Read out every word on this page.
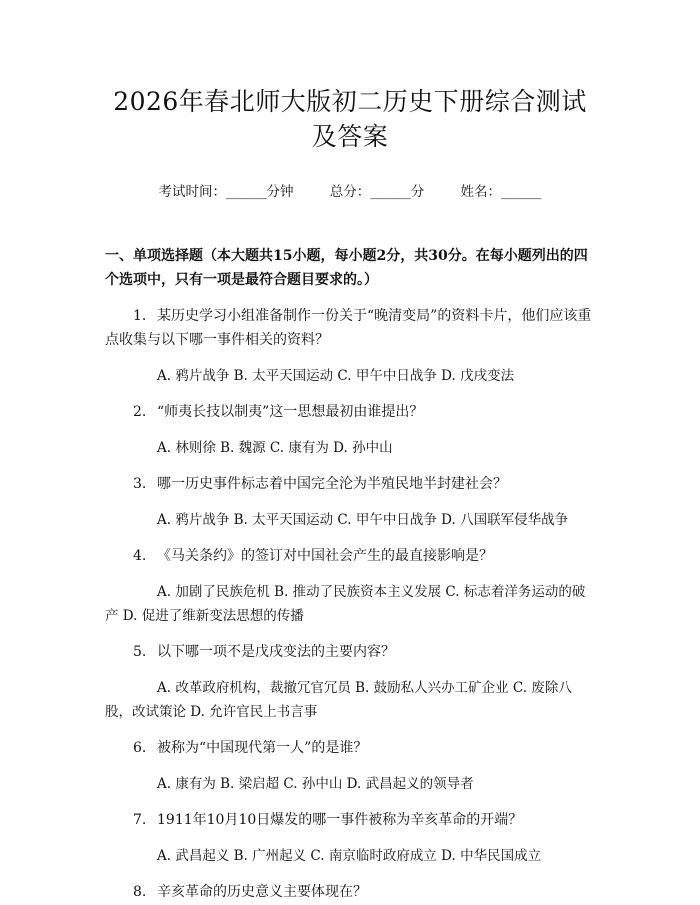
2026年春北师大版初二历史下册综合测试及答案
考试时间：______分钟	总分：______分	姓名：______
一、单项选择题（本大题共15小题，每小题2分，共30分。在每小题列出的四个选项中，只有一项是最符合题目要求的。）
1. 某历史学习小组准备制作一份关于“晚清变局”的资料卡片，他们应该重点收集与以下哪一事件相关的资料？
A. 鸦片战争 B. 太平天国运动 C. 甲午中日战争 D. 戊戌变法
2. “师夷长技以制夷”这一思想最初由谁提出？
A. 林则徐 B. 魏源 C. 康有为 D. 孙中山
3. 哪一历史事件标志着中国完全沦为半殖民地半封建社会？
A. 鸦片战争 B. 太平天国运动 C. 甲午中日战争 D. 八国联军侵华战争
4. 《马关条约》的签订对中国社会产生的最直接影响是？
A. 加剧了民族危机 B. 推动了民族资本主义发展 C. 标志着洋务运动的破产 D. 促进了维新变法思想的传播
5. 以下哪一项不是戊戌变法的主要内容？
A. 改革政府机构，裁撤冗官冗员 B. 鼓励私人兴办工矿企业 C. 废除八股，改试策论 D. 允许官民上书言事
6. 被称为“中国现代第一人”的是谁？
A. 康有为 B. 梁启超 C. 孙中山 D. 武昌起义的领导者
7. 1911年10月10日爆发的哪一事件被称为辛亥革命的开端？
A. 武昌起义 B. 广州起义 C. 南京临时政府成立 D. 中华民国成立
8. 辛亥革命的历史意义主要体现在？
